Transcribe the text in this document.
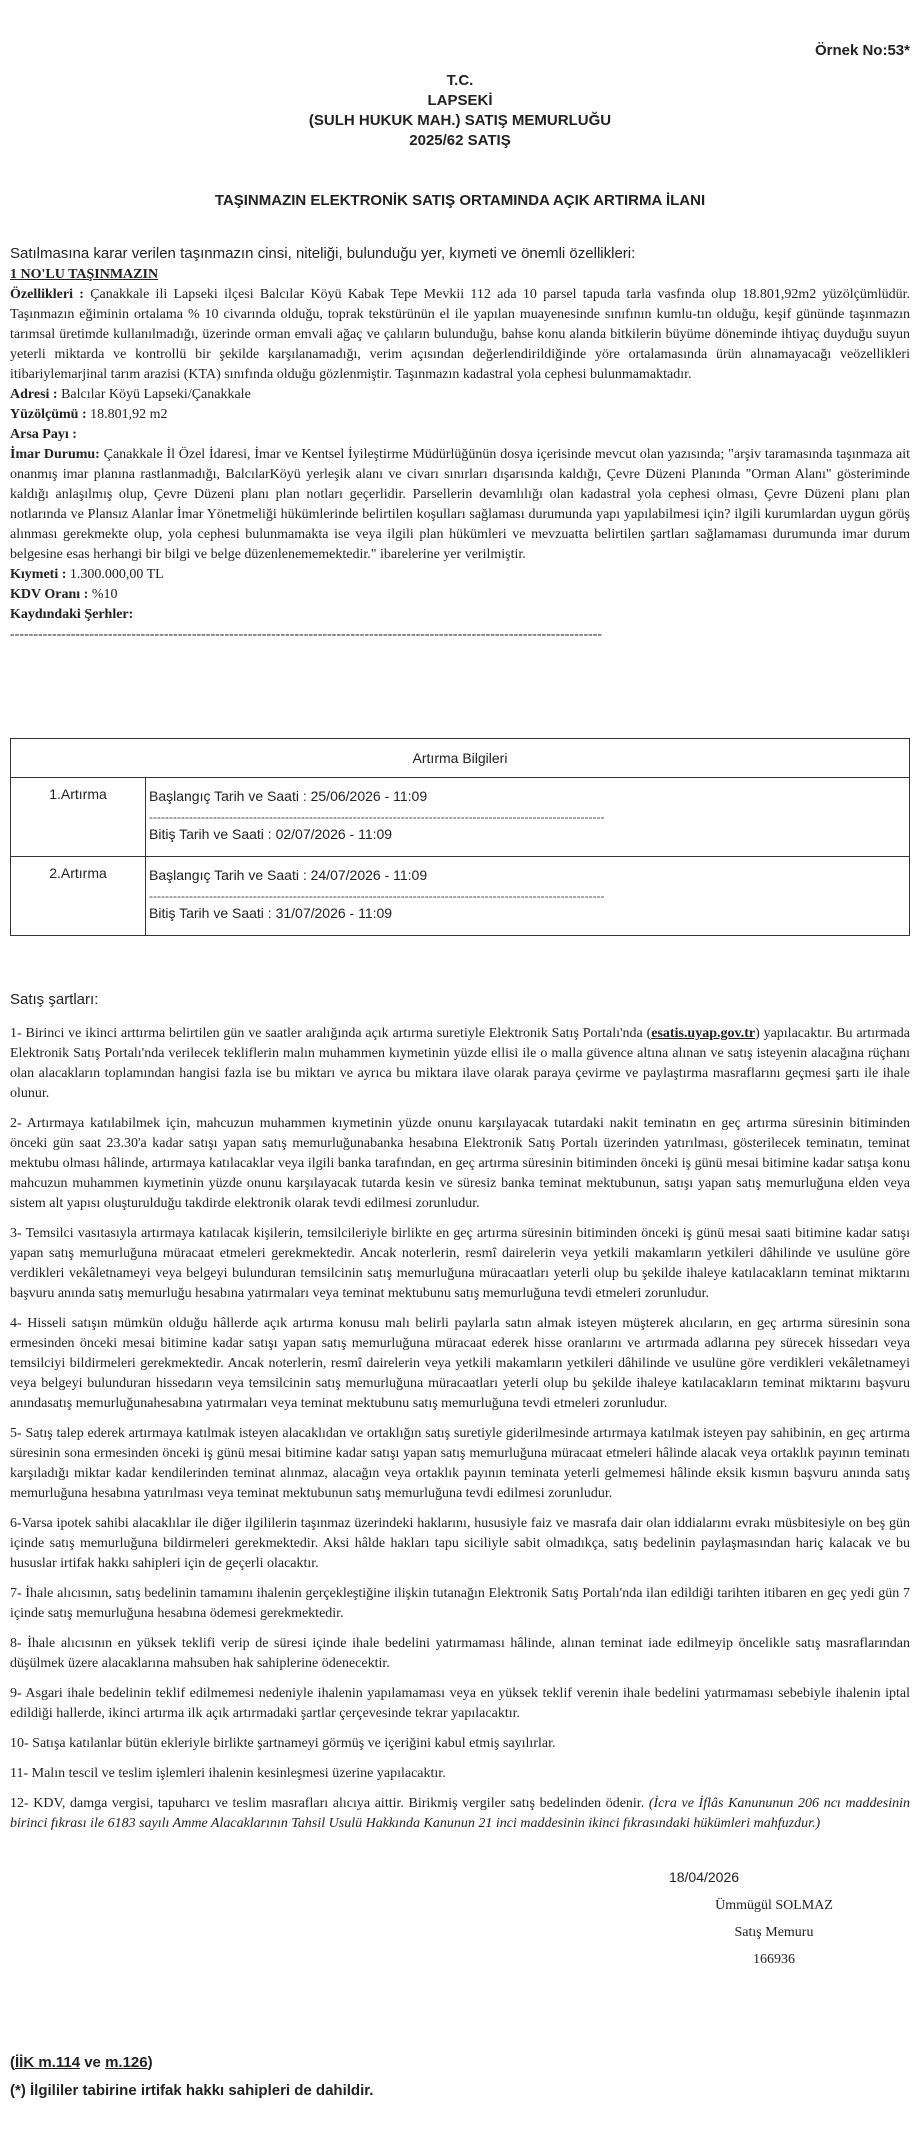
Örnek No:53*
T.C.
LAPSEKİ
(SULH HUKUK MAH.) SATIŞ MEMURLUĞU
2025/62 SATIŞ
TAŞINMAZIN ELEKTRONİK SATIŞ ORTAMINDA AÇIK ARTIRMA İLANI
Satılmasına karar verilen taşınmazın cinsi, niteliği, bulunduğu yer, kıymeti ve önemli özellikleri:

1 NO'LU TAŞINMAZIN

Özellikleri : Çanakkale ili Lapseki ilçesi Balcılar Köyü Kabak Tepe Mevkii 112 ada 10 parsel tapuda tarla vasfında olup 18.801,92m2 yüzölçümlüdür. Taşınmazın eğiminin ortalama % 10 civarında olduğu, toprak tekstürünün el ile yapılan muayenesinde sınıfının kumlu-tın olduğu, keşif gününde taşınmazın tarımsal üretimde kullanılmadığı, üzerinde orman emvali ağaç ve çalıların bulunduğu, bahse konu alanda bitkilerin büyüme döneminde ihtiyaç duyduğu suyun yeterli miktarda ve kontrollü bir şekilde karşılanamadığı, verim açısından değerlendirildiğinde yöre ortalamasında ürün alınamayacağı veözellikleri itibariylemarjinal tarım arazisi (KTA) sınıfında olduğu gözlenmiştir. Taşınmazın kadastral yola cephesi bulunmamaktadır.

Adresi : Balcılar Köyü Lapseki/Çanakkale

Yüzölçümü : 18.801,92 m2

Arsa Payı :

İmar Durumu: Çanakkale İl Özel İdaresi, İmar ve Kentsel İyileştirme Müdürlüğünün dosya içerisinde mevcut olan yazısında; "arşiv taramasında taşınmaza ait onanmış imar planına rastlanmadığı, BalcılarKöyü yerleşik alanı ve civarı sınırları dışarısında kaldığı, Çevre Düzeni Planında "Orman Alanı" gösteriminde kaldığı anlaşılmış olup, Çevre Düzeni planı plan notları geçerlidir. Parsellerin devamlılığı olan kadastral yola cephesi olması, Çevre Düzeni planı plan notlarında ve Plansız Alanlar İmar Yönetmeliği hükümlerinde belirtilen koşulları sağlaması durumunda yapı yapılabilmesi için? ilgili kurumlardan uygun görüş alınması gerekmekte olup, yola cephesi bulunmamakta ise veya ilgili plan hükümleri ve mevzuatta belirtilen şartları sağlamaması durumunda imar durum belgesine esas herhangi bir bilgi ve belge düzenlenememektedir." ibarelerine yer verilmiştir.

Kıymeti : 1.300.000,00 TL

KDV Oranı : %10

Kaydındaki Şerhler:

-------------------------------------------------------------------------------------------------------------------------------

Artırma Bilgileri	
1.Artırma	Başlangıç Tarih ve Saati : 25/06/2026 - 11:09
------------------------------------------------------------------------------------------------------------------
Bitiş Tarih ve Saati : 02/07/2026 - 11:09

2.Artırma	Başlangıç Tarih ve Saati : 24/07/2026 - 11:09
------------------------------------------------------------------------------------------------------------------
Bitiş Tarih ve Saati : 31/07/2026 - 11:09
Satış şartları:

1- Birinci ve ikinci arttırma belirtilen gün ve saatler aralığında açık artırma suretiyle Elektronik Satış Portalı'nda (esatis.uyap.gov.tr) yapılacaktır. Bu artırmada Elektronik Satış Portalı'nda verilecek tekliflerin malın muhammen kıymetinin yüzde ellisi ile o malla güvence altına alınan ve satış isteyenin alacağına rüçhanı olan alacakların toplamından hangisi fazla ise bu miktarı ve ayrıca bu miktara ilave olarak paraya çevirme ve paylaştırma masraflarını geçmesi şartı ile ihale olunur.

2- Artırmaya katılabilmek için, mahcuzun muhammen kıymetinin yüzde onunu karşılayacak tutardaki nakit teminatın en geç artırma süresinin bitiminden önceki gün saat 23.30'a kadar satışı yapan satış memurluğunabanka hesabına Elektronik Satış Portalı üzerinden yatırılması, gösterilecek teminatın, teminat mektubu olması hâlinde, artırmaya katılacaklar veya ilgili banka tarafından, en geç artırma süresinin bitiminden önceki iş günü mesai bitimine kadar satışa konu mahcuzun muhammen kıymetinin yüzde onunu karşılayacak tutarda kesin ve süresiz banka teminat mektubunun, satışı yapan satış memurluğuna elden veya sistem alt yapısı oluşturulduğu takdirde elektronik olarak tevdi edilmesi zorunludur.

3- Temsilci vasıtasıyla artırmaya katılacak kişilerin, temsilcileriyle birlikte en geç artırma süresinin bitiminden önceki iş günü mesai saati bitimine kadar satışı yapan satış memurluğuna müracaat etmeleri gerekmektedir. Ancak noterlerin, resmî dairelerin veya yetkili makamların yetkileri dâhilinde ve usulüne göre verdikleri vekâletnameyi veya belgeyi bulunduran temsilcinin satış memurluğuna müracaatları yeterli olup bu şekilde ihaleye katılacakların teminat miktarını başvuru anında satış memurluğu hesabına yatırmaları veya teminat mektubunu satış memurluğuna tevdi etmeleri zorunludur.

4- Hisseli satışın mümkün olduğu hâllerde açık artırma konusu malı belirli paylarla satın almak isteyen müşterek alıcıların, en geç artırma süresinin sona ermesinden önceki mesai bitimine kadar satışı yapan satış memurluğuna müracaat ederek hisse oranlarını ve artırmada adlarına pey sürecek hissedarı veya temsilciyi bildirmeleri gerekmektedir. Ancak noterlerin, resmî dairelerin veya yetkili makamların yetkileri dâhilinde ve usulüne göre verdikleri vekâletnameyi veya belgeyi bulunduran hissedarın veya temsilcinin satış memurluğuna müracaatları yeterli olup bu şekilde ihaleye katılacakların teminat miktarını başvuru anındasatış memurluğunahesabına yatırmaları veya teminat mektubunu satış memurluğuna tevdi etmeleri zorunludur.

5- Satış talep ederek artırmaya katılmak isteyen alacaklıdan ve ortaklığın satış suretiyle giderilmesinde artırmaya katılmak isteyen pay sahibinin, en geç artırma süresinin sona ermesinden önceki iş günü mesai bitimine kadar satışı yapan satış memurluğuna müracaat etmeleri hâlinde alacak veya ortaklık payının teminatı karşıladığı miktar kadar kendilerinden teminat alınmaz, alacağın veya ortaklık payının teminata yeterli gelmemesi hâlinde eksik kısmın başvuru anında satış memurluğuna hesabına yatırılması veya teminat mektubunun satış memurluğuna tevdi edilmesi zorunludur.

6-Varsa ipotek sahibi alacaklılar ile diğer ilgililerin taşınmaz üzerindeki haklarını, hususiyle faiz ve masrafa dair olan iddialarını evrakı müsbitesiyle on beş gün içinde satış memurluğuna bildirmeleri gerekmektedir. Aksi hâlde hakları tapu siciliyle sabit olmadıkça, satış bedelinin paylaşmasından hariç kalacak ve bu hususlar irtifak hakkı sahipleri için de geçerli olacaktır.

7- İhale alıcısının, satış bedelinin tamamını ihalenin gerçekleştiğine ilişkin tutanağın Elektronik Satış Portalı'nda ilan edildiği tarihten itibaren en geç yedi gün 7 içinde satış memurluğuna hesabına ödemesi gerekmektedir.

8- İhale alıcısının en yüksek teklifi verip de süresi içinde ihale bedelini yatırmaması hâlinde, alınan teminat iade edilmeyip öncelikle satış masraflarından düşülmek üzere alacaklarına mahsuben hak sahiplerine ödenecektir.

9- Asgari ihale bedelinin teklif edilmemesi nedeniyle ihalenin yapılamaması veya en yüksek teklif verenin ihale bedelini yatırmaması sebebiyle ihalenin iptal edildiği hallerde, ikinci artırma ilk açık artırmadaki şartlar çerçevesinde tekrar yapılacaktır.

10- Satışa katılanlar bütün ekleriyle birlikte şartnameyi görmüş ve içeriğini kabul etmiş sayılırlar.

11- Malın tescil ve teslim işlemleri ihalenin kesinleşmesi üzerine yapılacaktır.

12- KDV, damga vergisi, tapuharcı ve teslim masrafları alıcıya aittir. Birikmiş vergiler satış bedelinden ödenir. (İcra ve İflâs Kanununun 206 ncı maddesinin birinci fıkrası ile 6183 sayılı Amme Alacaklarının Tahsil Usulü Hakkında Kanunun 21 inci maddesinin ikinci fıkrasındaki hükümleri mahfuzdur.)

18/04/2026
Ümmügül SOLMAZ
Satış Memuru
166936
(İİK m.114 ve m.126)
(*) İlgililer tabirine irtifak hakkı sahipleri de dahildir.
